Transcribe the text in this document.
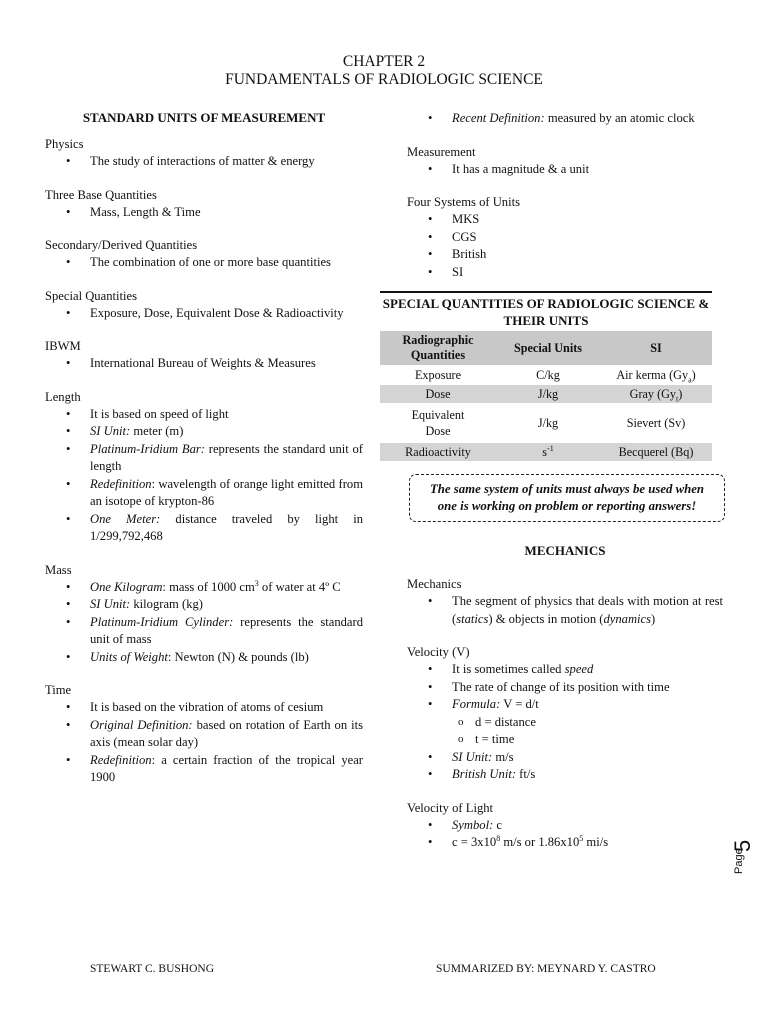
CHAPTER 2
FUNDAMENTALS OF RADIOLOGIC SCIENCE
STANDARD UNITS OF MEASUREMENT
Physics
• The study of interactions of matter & energy
Three Base Quantities
• Mass, Length & Time
Secondary/Derived Quantities
• The combination of one or more base quantities
Special Quantities
• Exposure, Dose, Equivalent Dose & Radioactivity
IBWM
• International Bureau of Weights & Measures
Length
• It is based on speed of light
• SI Unit: meter (m)
• Platinum-Iridium Bar: represents the standard unit of length
• Redefinition: wavelength of orange light emitted from an isotope of krypton-86
• One Meter: distance traveled by light in 1/299,792,468
Mass
• One Kilogram: mass of 1000 $cm^3$ of water at 4º C
• SI Unit: kilogram (kg)
• Platinum-Iridium Cylinder: represents the standard unit of mass
• Units of Weight: Newton (N) & pounds (lb)
Time
• It is based on the vibration of atoms of cesium
• Original Definition: based on rotation of Earth on its axis (mean solar day)
• Redefinition: a certain fraction of the tropical year 1900
• Recent Definition: measured by an atomic clock
Measurement
• It has a magnitude & a unit
Four Systems of Units
• MKS
• CGS
• British
• SI
SPECIAL QUANTITIES OF RADIOLOGIC SCIENCE & THEIR UNITS
Radiographic Quantities	Special Units	SI
Exposure	C/kg	Air kerma $(Gy_a)$
Dose	J/kg	Gray $(Gy_t)$
Equivalent Dose	J/kg	Sievert (Sv)
Radioactivity	$s^{-1}$	Becquerel (Bq)
The same system of units must always be used when one is working on problem or reporting answers!
MECHANICS
Mechanics
• The segment of physics that deals with motion at rest (statics) & objects in motion (dynamics)
Velocity (V)
• It is sometimes called speed
• The rate of change of its position with time
• Formula: V = d/t
o d = distance
o t = time
• SI Unit: m/s
• British Unit: ft/s
Velocity of Light
• Symbol: c
• $c = 3x10^8$ m/s or $1.86x10^5$ mi/s
Page
5
STEWART C. BUSHONG	SUMMARIZED BY: MEYNARD Y. CASTRO
